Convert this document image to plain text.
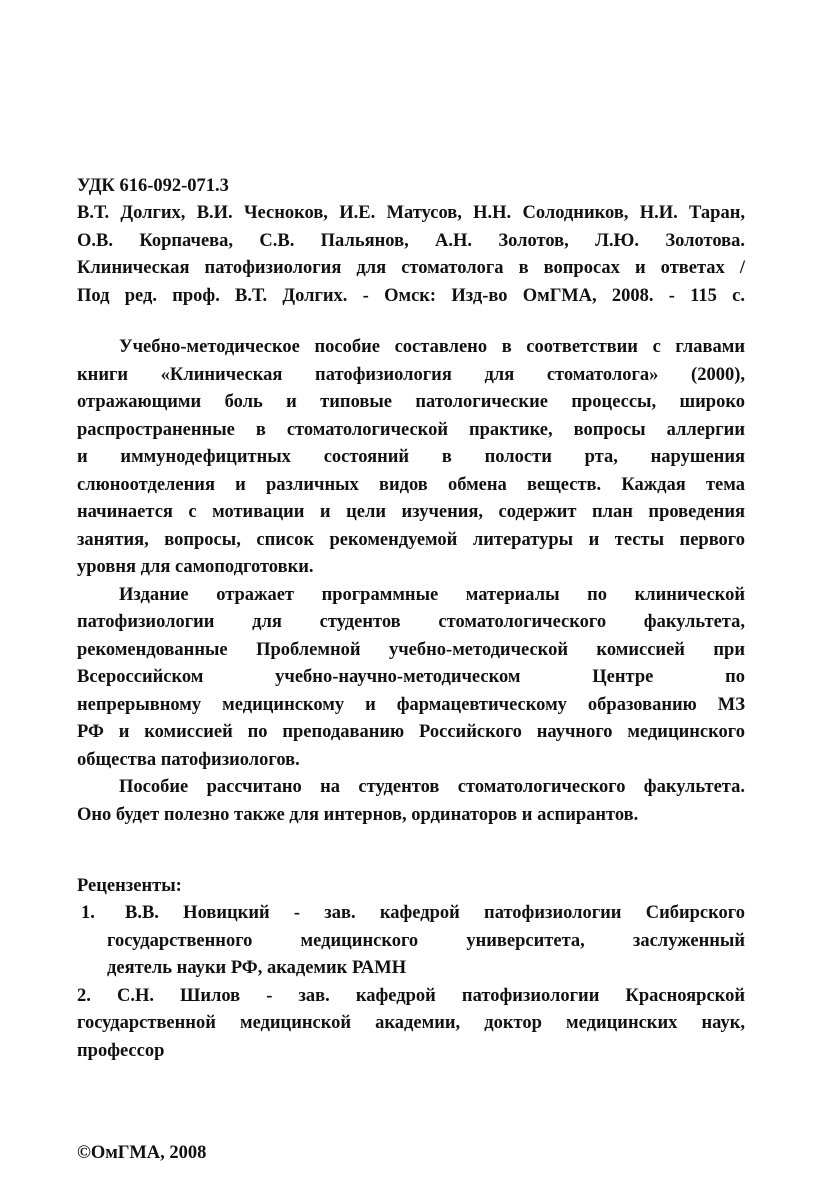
УДК 616-092-071.3
В.Т. Долгих, В.И. Чесноков, И.Е. Матусов, Н.Н. Солодников, Н.И. Таран,
О.В. Корпачева, С.В. Пальянов, А.Н. Золотов, Л.Ю. Золотова.
Клиническая патофизиология для стоматолога в вопросах и ответах /
Под ред. проф. В.Т. Долгих. - Омск: Изд-во ОмГМА, 2008. - 115 с.
Учебно-методическое пособие составлено в соответствии с главами
книги «Клиническая патофизиология для стоматолога» (2000),
отражающими боль и типовые патологические процессы, широко
распространенные в стоматологической практике, вопросы аллергии
и иммунодефицитных состояний в полости рта, нарушения
слюноотделения и различных видов обмена веществ. Каждая тема
начинается с мотивации и цели изучения, содержит план проведения
занятия, вопросы, список рекомендуемой литературы и тесты первого
уровня для самоподготовки.
Издание отражает программные материалы по клинической
патофизиологии для студентов стоматологического факультета,
рекомендованные Проблемной учебно-методической комиссией при
Всероссийском учебно-научно-методическом Центре по
непрерывному медицинскому и фармацевтическому образованию МЗ
РФ и комиссией по преподаванию Российского научного медицинского
общества патофизиологов.
Пособие рассчитано на студентов стоматологического факультета.
Оно будет полезно также для интернов, ординаторов и аспирантов.
Рецензенты:
1. В.В. Новицкий - зав. кафедрой патофизиологии Сибирского
государственного медицинского университета, заслуженный
деятель науки РФ, академик РАМН
2. С.Н. Шилов - зав. кафедрой патофизиологии Красноярской
государственной медицинской академии, доктор медицинских наук,
профессор
©ОмГМА, 2008
